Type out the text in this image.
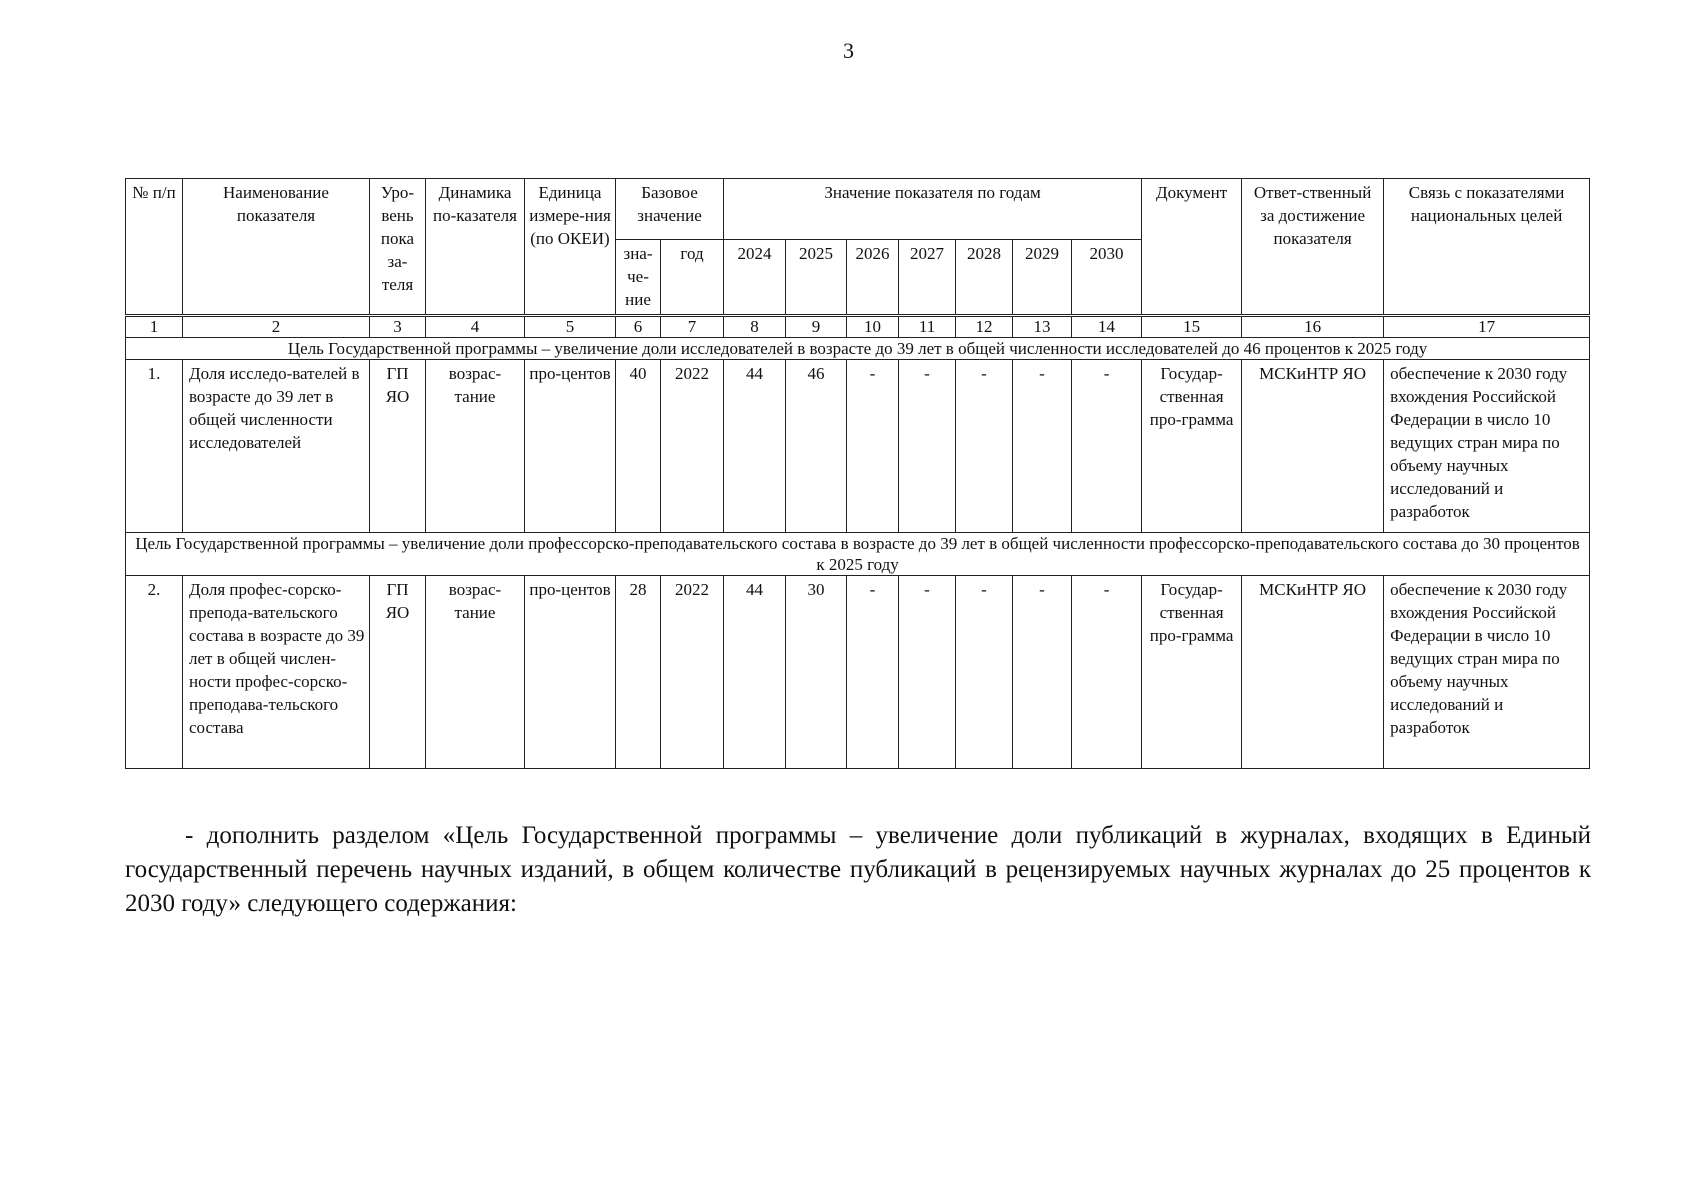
3
№ п/п	Наименование показателя	Уро-вень пока за-теля	Динамика по-казателя	Единица измере-ния (по ОКЕИ)	Базовое значение		Значение показателя по годам							Документ	Ответ-ственный за достижение показателя	Связь с показателями национальных целей
					зна-че-ние	год	2024	2025	2026	2027	2028	2029	2030			
1	2	3	4	5	6	7	8	9	10	11	12	13	14	15	16	17
Цель Государственной программы – увеличение доли исследователей в возрасте до 39 лет в общей численности исследователей до 46 процентов к 2025 году																
1.	Доля исследо-вателей в возрасте до 39 лет в общей численности исследователей	ГП ЯО	возрас-тание	про-центов	40	2022	44	46	-	-	-	-	-	Государ-ственная про-грамма	МСКиНТР ЯО	обеспечение к 2030 году вхождения Российской Федерации в число 10 ведущих стран мира по объему научных исследований и разработок
Цель Государственной программы – увеличение доли профессорско-преподавательского состава в возрасте до 39 лет в общей численности профессорско-преподавательского состава до 30 процентов к 2025 году																
2.	Доля профес-сорско-препода-вательского состава в возрасте до 39 лет в общей числен-ности профес-сорско-преподава-тельского состава	ГП ЯО	возрас-тание	про-центов	28	2022	44	30	-	-	-	-	-	Государ-ственная про-грамма	МСКиНТР ЯО	обеспечение к 2030 году вхождения Российской Федерации в число 10 ведущих стран мира по объему научных исследований и разработок

- дополнить разделом «Цель Государственной программы – увеличение доли публикаций в журналах, входящих в Единый государственный перечень научных изданий, в общем количестве публикаций в рецензируемых научных журналах до 25 процентов к 2030 году» следующего содержания:
